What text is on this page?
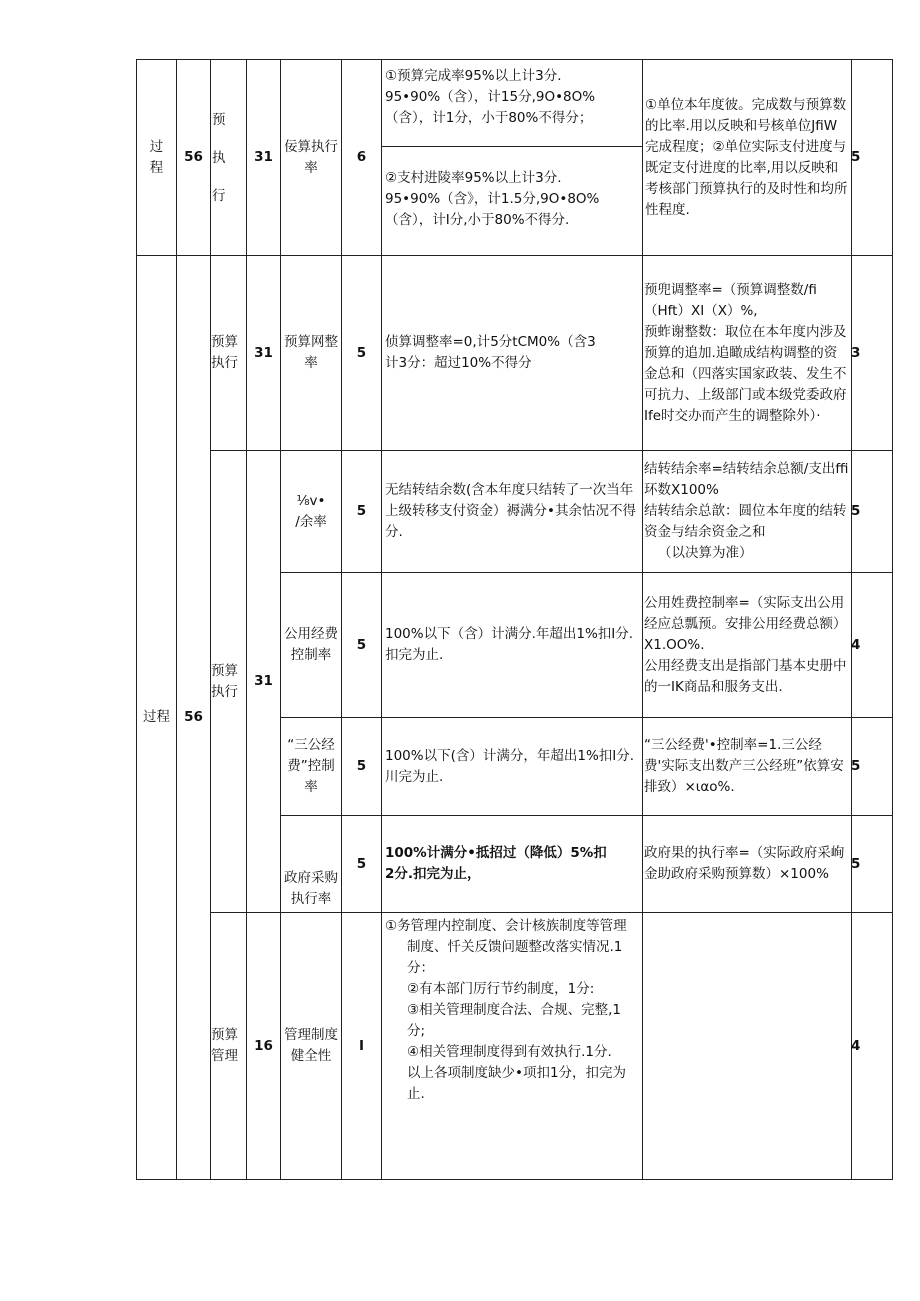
过
程
56
预
执
行
31
佞算执行
率
6
①预算完成率95%以上计3分.
95•90%（含），计15分,9O•8O%（含），计1分，小于80%不得分；
②支村进陵率95%以上计3分.
95•90%（含》，计1.5分,9O•8O%（含），计I分,小于80%不得分.
①单位本年度彼。完成数与预算数的比率.用以反映和号核单位JfiW完成程度；②单位实际支付进度与既定支付进度的比率,用以反映和考核部门预算执行的及时性和均所性程度.
5
过程 56
预算
执行
31
预算网整
率
5
侦算调整率=0,计5分tCM0%（含3
计3分：超过10%不得分
预兜调整率=（预算调整数/fi（Hft）XI（X）%,
预蚱谢整数：取位在本年度内涉及预算的追加.追瞰成结构调整的资金总和（四落实国家政装、发生不可抗力、上级部门或本级党委政府Ife时交办而产生的调整除外）·
3
预算
执行
31
⅛v•
/余率
5
无结转结余数(含本年度只结转了一次当年上级转移支付资金）褥满分•其余怙况不得分.
结转结余率=结转结余总额/支出ffi环数X100%
结转结余总歆：圆位本年度的结转资金与结余资金之和
（以决算为准）
5
公用经费
控制率
5
100%以下（含）计满分.年超出1%扣I分.扣完为止.
公用姓费控制率=（实际支出公用经应总瓢预。安排公用经费总额）X1.OO%.
公用经费支出是指部门基本史册中的一IK商品和服务支出.
4
“三公经
费”控制
率
5
100%以下(含）计满分，年超出1%扣I分.川完为止.
“三公经费'•控制率=1.三公经费'实际支出数产三公经班”依算安排致）×ιαo%.
5
政府采购
执行率
5
100%计满分•抵招过（降低）5%扣
2分.扣完为止，
政府果的执行率=（实际政府采峋金助政府采购预算数）×100%
5
预算
管理
16
管理制度
健全性
I
①务管理内控制度、会计核族制度等管理
制度、忏关反馈问题整改落实情况.1分：
②有本部门厉行节约制度，1分:
③相关管理制度合法、合规、完整,1分;
④相关管理制度得到有效执行.1分.
以上各项制度缺少•项扣1分，扣完为止.
4
